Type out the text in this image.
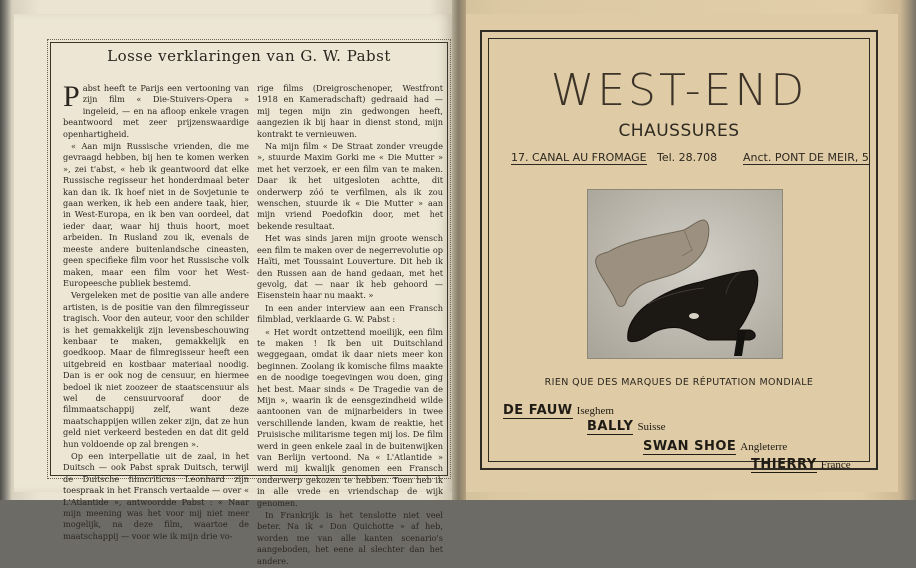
Losse verklaringen van G. W. Pabst

Pabst heeft te Parijs een vertooning van zijn film « Die-Stuivers-Opera » ingeleid, — en na afloop enkele vragen beantwoord met zeer prijzenswaardige openhartigheid.

« Aan mijn Russische vrienden, die me gevraagd hebben, bij hen te komen werken », zei t'abst, « heb ik geantwoord dat elke Russische regisseur het honderdmaal beter kan dan ik. Ik hoef niet in de Sovjetunie te gaan werken, ik heb een andere taak, hier, in West-Europa, en ik ben van oordeel, dat ieder daar, waar hij thuis hoort, moet arbeiden. In Rusland zou ik, evenals de meeste andere buitenlandsche cineasten, geen specifieke film voor het Russische volk maken, maar een film voor het West-Europeesche publiek bestemd.

Vergeleken met de positie van alle andere artisten, is de positie van den filmregisseur tragisch. Voor den auteur, voor den schilder is het gemakkelijk zijn levensbeschouwing kenbaar te maken, gemakkelijk en goedkoop. Maar de filmregisseur heeft een uitgebreid en kostbaar materiaal noodig. Dan is er ook nog de censuur, en hiermee bedoel ik niet zoozeer de staatscensuur als wel de censuurvooraf door de filmmaatschappij zelf, want deze maatschappijen willen zeker zijn, dat ze hun geld niet verkeerd besteden en dat dit geld hun voldoende op zal brengen ».

Op een interpellatie uit de zaal, in het Duitsch — ook Pabst sprak Duitsch, terwijl de Duitsche filmcriticus Leonhard zijn toespraak in het Fransch vertaalde — over « L'Atlantide », antwoordde Pabst : « Naar mijn meening was het voor mij niet meer mogelijk, na deze film, waartoe de maatschappij — voor wie ik mijn drie vo-

rige films (Dreigroschenoper, Westfront 1918 en Kameradschaft) gedraaid had — mij tegen mijn zin gedwongen heeft, aangezien ik bij haar in dienst stond, mijn kontrakt te vernieuwen.

Na mijn film « De Straat zonder vreugde », stuurde Maxim Gorki me « Die Mutter » met het verzoek, er een film van te maken. Daar ik het uitgesloten achtte, dit onderwerp zóó te verfilmen, als ik zou wenschen, stuurde ik « Die Mutter » aan mijn vriend Poedofkin door, met het bekende resultaat.

Het was sinds jaren mijn groote wensch een film te maken over de negerrevolutie op Haïti, met Toussaint Louverture. Dit heb ik den Russen aan de hand gedaan, met het gevolg, dat — naar ik heb gehoord — Eisenstein haar nu maakt. »

In een ander interview aan een Fransch filmblad, verklaarde G. W. Pabst :

« Het wordt ontzettend moeilijk, een film te maken ! Ik ben uit Duitschland weggegaan, omdat ik daar niets meer kon beginnen. Zoolang ik komische films maakte en de noodige toegevingen wou doen, ging het best. Maar sinds « De Tragedie van de Mijn », waarin ik de eensgezindheid wilde aantoonen van de mijnarbeiders in twee verschillende landen, kwam de reaktie, het Pruisische militarisme tegen mij los. De film werd in geen enkele zaal in de buitenwijken van Berlijn vertoond. Na « L'Atlantide » werd mij kwalijk genomen een Fransch onderwerp gekozen te hebben. Toen heb ik in alle vrede en vriendschap de wijk genomen.

In Frankrijk is het tenslotte niet veel beter. Na ik « Don Quichotte » af heb, worden me van alle kanten scenario's aangeboden, het eene al slechter dan het andere.

WEST-END
CHAUSSURES
17. CANAL AU FROMAGE Tel. 28.708 Anct. PONT DE MEIR, 5
RIEN QUE DES MARQUES DE RÉPUTATION MONDIALE
DE FAUW Iseghem
BALLY Suisse
SWAN SHOE Angleterre
THIERRY France
